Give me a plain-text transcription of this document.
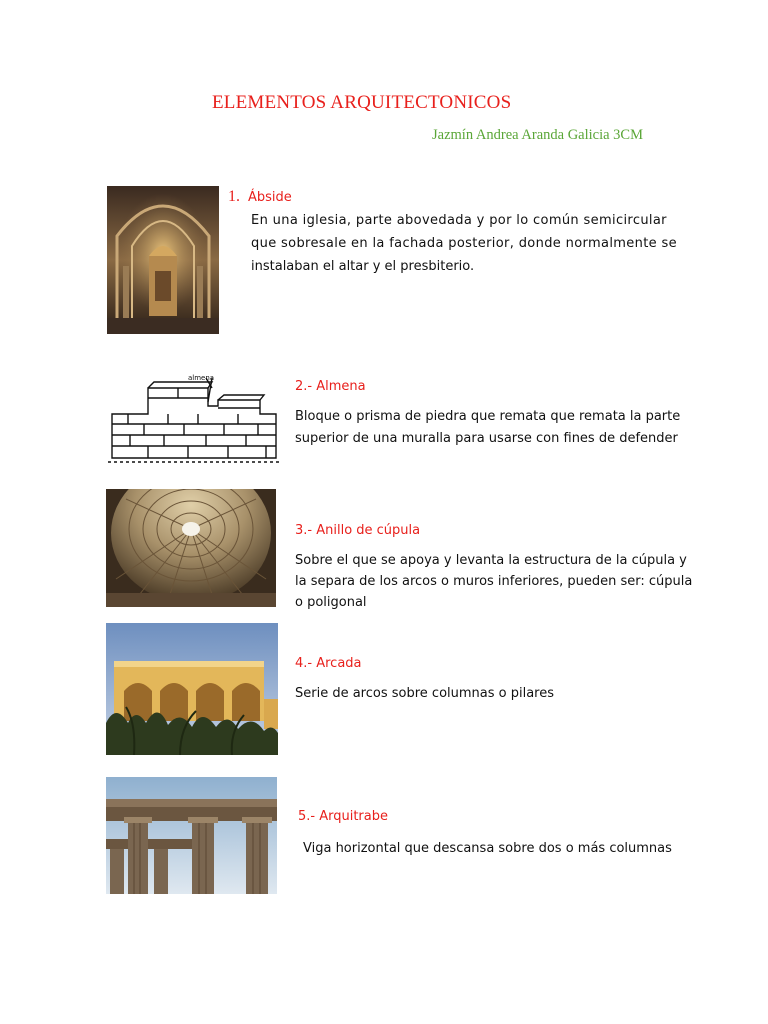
ELEMENTOS ARQUITECTONICOS
Jazmín Andrea Aranda Galicia 3CM
1. Ábside
En una iglesia, parte abovedada y por lo común semicircular
que sobresale en la fachada posterior, donde normalmente se
instalaban el altar y el presbiterio.
almena
2.- Almena
Bloque o prisma de piedra que remata que remata la parte
superior de una muralla para usarse con fines de defender
3.- Anillo de cúpula
Sobre el que se apoya y levanta la estructura de la cúpula y
la separa de los arcos o muros inferiores, pueden ser: cúpula
o poligonal
4.- Arcada
Serie de arcos sobre columnas o pilares
5.- Arquitrabe
Viga horizontal que descansa sobre dos o más columnas
